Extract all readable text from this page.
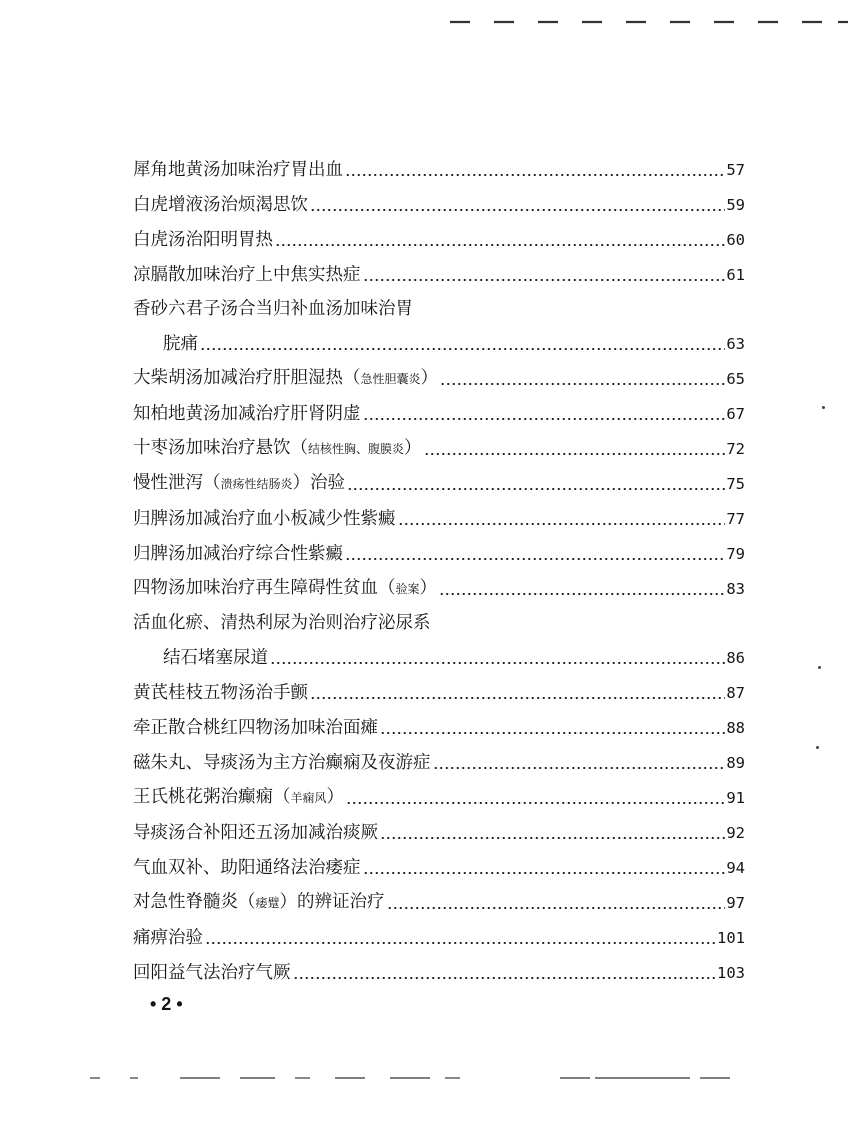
犀角地黄汤加味治疗胃出血	57
白虎增液汤治烦渴思饮	59
白虎汤治阳明胃热	60
凉膈散加味治疗上中焦实热症	61
香砂六君子汤合当归补血汤加味治胃
脘痛	63
大柴胡汤加减治疗肝胆湿热（急性胆囊炎）	65
知柏地黄汤加减治疗肝肾阴虚	67
十枣汤加味治疗悬饮（结核性胸、腹膜炎）	72
慢性泄泻（溃疡性结肠炎）治验	75
归脾汤加减治疗血小板减少性紫癜	77
归脾汤加减治疗综合性紫癜	79
四物汤加味治疗再生障碍性贫血（验案）	83
活血化瘀、清热利尿为治则治疗泌尿系
结石堵塞尿道	86
黄芪桂枝五物汤治手颤	87
牵正散合桃红四物汤加味治面瘫	88
磁朱丸、导痰汤为主方治癫痫及夜游症	89
王氏桃花粥治癫痫（羊痫风）	91
导痰汤合补阳还五汤加减治痰厥	92
气血双补、助阳通络法治痿症	94
对急性脊髓炎（痿躄）的辨证治疗	97
痛痹治验	101
回阳益气法治疗气厥	103
• 2 •
